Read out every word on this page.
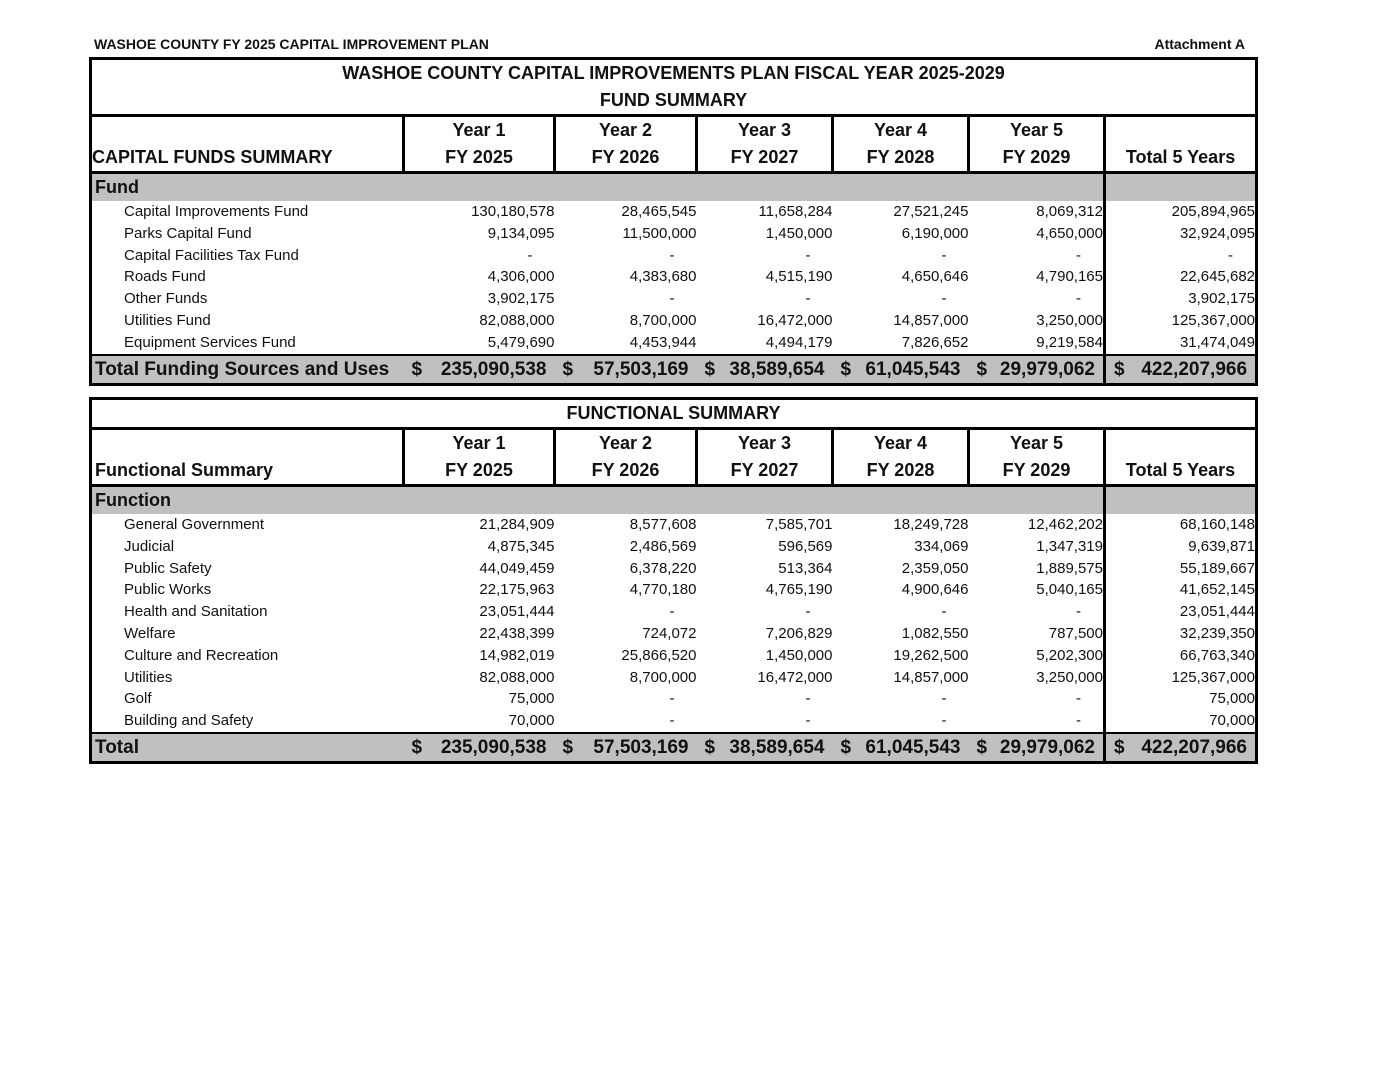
WASHOE COUNTY FY 2025 CAPITAL IMPROVEMENT PLAN	Attachment A
WASHOE COUNTY CAPITAL IMPROVEMENTS PLAN FISCAL YEAR 2025-2029						
FUND SUMMARY						
CAPITAL FUNDS SUMMARY	Year 1	Year 2	Year 3	Year 4	Year 5	Total 5 Years
	FY 2025	FY 2026	FY 2027	FY 2028	FY 2029	
Fund						
Capital Improvements Fund	130,180,578	28,465,545	11,658,284	27,521,245	8,069,312	205,894,965
Parks Capital Fund	9,134,095	11,500,000	1,450,000	6,190,000	4,650,000	32,924,095
Capital Facilities Tax Fund	-	-	-	-	-	-
Roads Fund	4,306,000	4,383,680	4,515,190	4,650,646	4,790,165	22,645,682
Other Funds	3,902,175	-	-	-	-	3,902,175
Utilities Fund	82,088,000	8,700,000	16,472,000	14,857,000	3,250,000	125,367,000
Equipment Services Fund	5,479,690	4,453,944	4,494,179	7,826,652	9,219,584	31,474,049
Total Funding Sources and Uses	$ 235,090,538	$ 57,503,169	$ 38,589,654	$ 61,045,543	$ 29,979,062	$ 422,207,966
FUNCTIONAL SUMMARY						
Functional Summary	Year 1	Year 2	Year 3	Year 4	Year 5	Total 5 Years
	FY 2025	FY 2026	FY 2027	FY 2028	FY 2029	
Function						
General Government	21,284,909	8,577,608	7,585,701	18,249,728	12,462,202	68,160,148
Judicial	4,875,345	2,486,569	596,569	334,069	1,347,319	9,639,871
Public Safety	44,049,459	6,378,220	513,364	2,359,050	1,889,575	55,189,667
Public Works	22,175,963	4,770,180	4,765,190	4,900,646	5,040,165	41,652,145
Health and Sanitation	23,051,444	-	-	-	-	23,051,444
Welfare	22,438,399	724,072	7,206,829	1,082,550	787,500	32,239,350
Culture and Recreation	14,982,019	25,866,520	1,450,000	19,262,500	5,202,300	66,763,340
Utilities	82,088,000	8,700,000	16,472,000	14,857,000	3,250,000	125,367,000
Golf	75,000	-	-	-	-	75,000
Building and Safety	70,000	-	-	-	-	70,000
Total	$ 235,090,538	$ 57,503,169	$ 38,589,654	$ 61,045,543	$ 29,979,062	$ 422,207,966
